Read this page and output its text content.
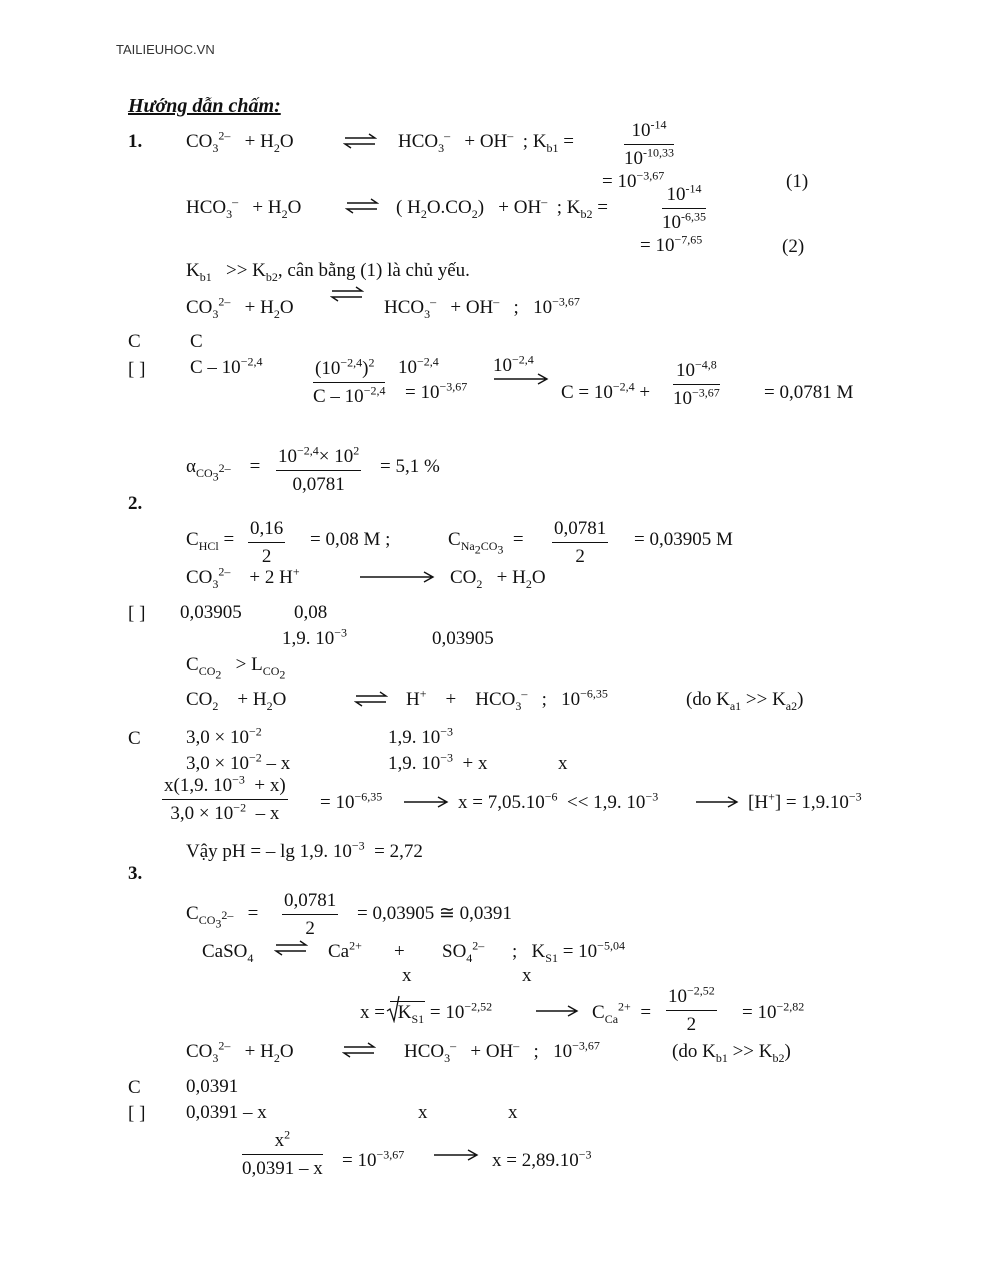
TAILIEUHOC.VN
Hướng dẫn chấm:
1. $CO_3^{2-} + H_2O$	⇌ $HCO_3^- + OH^-$ ; $K_{b1}$ =	$\frac{10^{-14}}{10^{-10,33}}$
= $10^{-3,67}$	(1)
$HCO_3^- + H_2O$ ⇌ ( $H_2O.CO_2) + OH^-$ ; $K_{b2}$ =	$\frac{10^{-14}}{10^{-6,35}}$
= $10^{-7,65}$	(2)
$K_{b1} >> K_{b2}$, cân bằng (1) là chủ yếu.
$CO_3^{2-} + H_2O$	$HCO_3^- + OH^-$ ; $10^{-3,67}$
C	C
[ ] C – $10^{-2,4}$	$\frac{(10^{-2,4})^2}{C - 10^{-2,4}} 10^{-2,4}$
= $10^{-3,67}$
$10^{-2,4}$
$C = 10^{-2,4} + \frac{10^{-4,8}}{10^{-3,67}} = 0,0781$ M
$\alpha_{CO_3^{2-}} = \frac{10^{-2,4}\times 10^2}{0,0781} = 5,1$ %
2.
$C_{HCl} = \frac{0,16}{2} = 0,08$ M ;	$C_{Na_2CO_3} = \frac{0,0781}{2} = 0,03905$ M
$CO_3^{2-} + 2$ H+	$CO_2 + H_2O$
[ ] 0,03905	0,08
1,9. $10^{-3}$	0,03905
$C_{CO_2} > L_{CO_2}$
$CO_2 + H_2O$	⇌ $H^+ + HCO_3^-$ ; $10^{-6,35}$	(do $K_{a1} >> K_{a2}$)
C $3,0 \times 10^{-2}$	1,9. $10^{-3}$
$3,0 \times 10^{-2} - x$	1,9. $10^{-3} + x$	x
$\frac{x(1,9. 10^{-3} + x)}{3,0 \times 10^{-2} - x} = 10^{-6,35}$	$x = 7,05.10^{-6} << 1,9$. $10^{-3}$	$[H^+] = 1,9.10^{-3}$
Vậy pH = – lg 1,9. $10^{-3} = 2,72$
3.
$C_{CO_3^{2-}} = \frac{0,0781}{2} = 0,03905$ ≅ 0,0391
CaSO$_4$ ⇌ $Ca^{2+} + SO_4^{2-}$ ; $K_{S1} = 10^{-5,04}$
x	x
$x = K_{S1} = 10^{-2,52}$	$C_{Ca}^{2+} = \frac{10^{-2,52}}{2} = 10^{-2,82}$
$CO_3^{2-} + H_2O$	⇌ $HCO_3^- + OH^-$ ; $10^{-3,67}$	(do $K_{b1} >> K_{b2}$)
C 0,0391
[ ] 0,0391 – x	x	x
$\frac{x^2}{0,0391 - x} = 10^{-3,67}$	$x = 2,89.10^{-3}$
